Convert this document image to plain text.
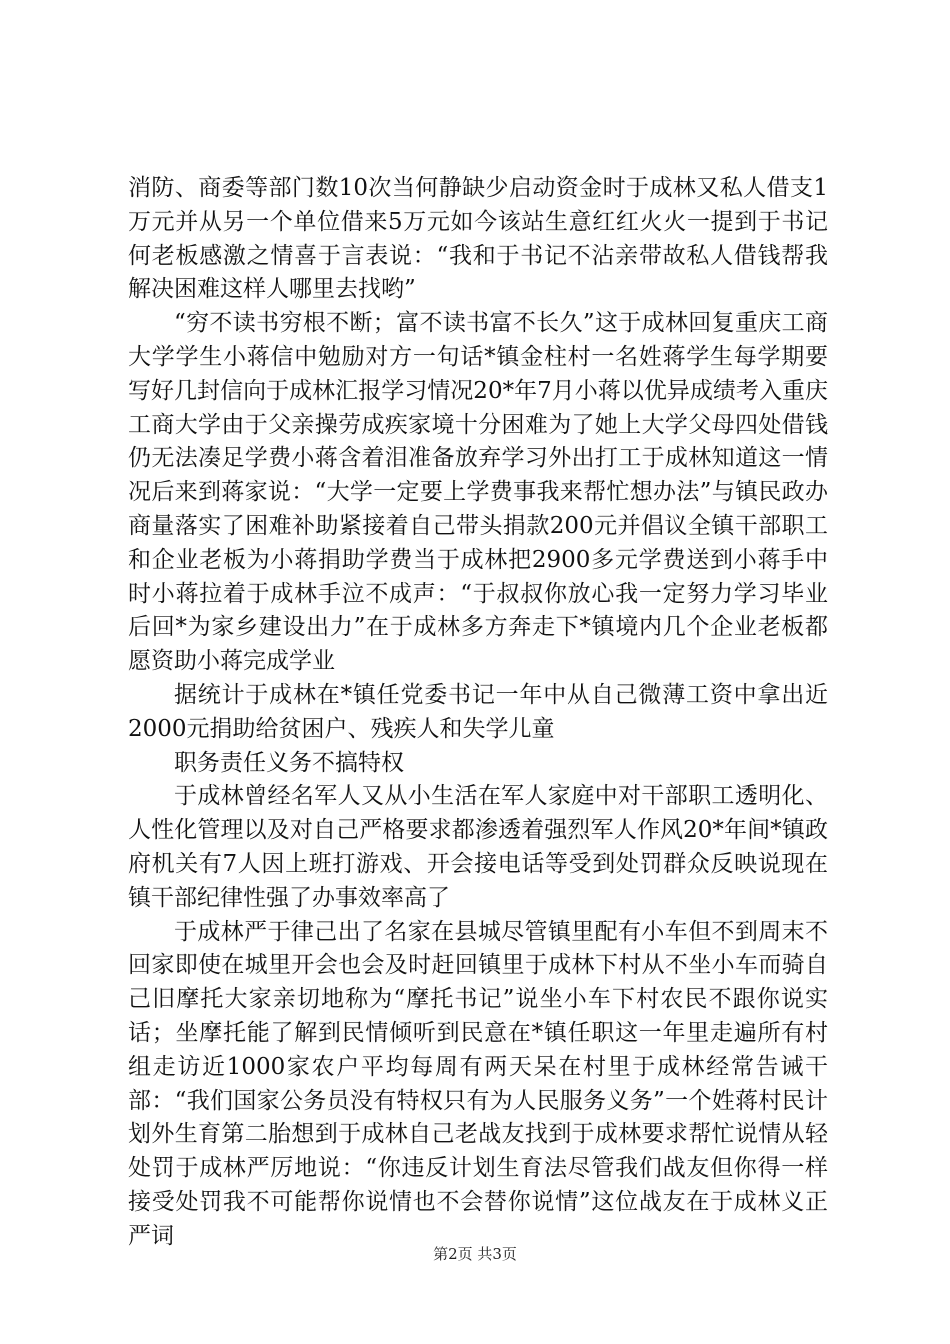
消防、商委等部门数10次当何静缺少启动资金时于成林又私人借支1万元并从另一个单位借来5万元如今该站生意红红火火一提到于书记何老板感激之情喜于言表说：“我和于书记不沾亲带故私人借钱帮我解决困难这样人哪里去找哟”

“穷不读书穷根不断；富不读书富不长久”这于成林回复重庆工商大学学生小蒋信中勉励对方一句话*镇金柱村一名姓蒋学生每学期要写好几封信向于成林汇报学习情况20*年7月小蒋以优异成绩考入重庆工商大学由于父亲操劳成疾家境十分困难为了她上大学父母四处借钱仍无法凑足学费小蒋含着泪准备放弃学习外出打工于成林知道这一情况后来到蒋家说：“大学一定要上学费事我来帮忙想办法”与镇民政办商量落实了困难补助紧接着自己带头捐款200元并倡议全镇干部职工和企业老板为小蒋捐助学费当于成林把2900多元学费送到小蒋手中时小蒋拉着于成林手泣不成声：“于叔叔你放心我一定努力学习毕业后回*为家乡建设出力”在于成林多方奔走下*镇境内几个企业老板都愿资助小蒋完成学业

据统计于成林在*镇任党委书记一年中从自己微薄工资中拿出近2000元捐助给贫困户、残疾人和失学儿童

职务责任义务不搞特权

于成林曾经名军人又从小生活在军人家庭中对干部职工透明化、人性化管理以及对自己严格要求都渗透着强烈军人作风20*年间*镇政府机关有7人因上班打游戏、开会接电话等受到处罚群众反映说现在镇干部纪律性强了办事效率高了

于成林严于律己出了名家在县城尽管镇里配有小车但不到周末不回家即使在城里开会也会及时赶回镇里于成林下村从不坐小车而骑自己旧摩托大家亲切地称为“摩托书记”说坐小车下村农民不跟你说实话；坐摩托能了解到民情倾听到民意在*镇任职这一年里走遍所有村组走访近1000家农户平均每周有两天呆在村里于成林经常告诫干部：“我们国家公务员没有特权只有为人民服务义务”一个姓蒋村民计划外生育第二胎想到于成林自己老战友找到于成林要求帮忙说情从轻处罚于成林严厉地说：“你违反计划生育法尽管我们战友但你得一样接受处罚我不可能帮你说情也不会替你说情”这位战友在于成林义正严词

第2页 共3页
